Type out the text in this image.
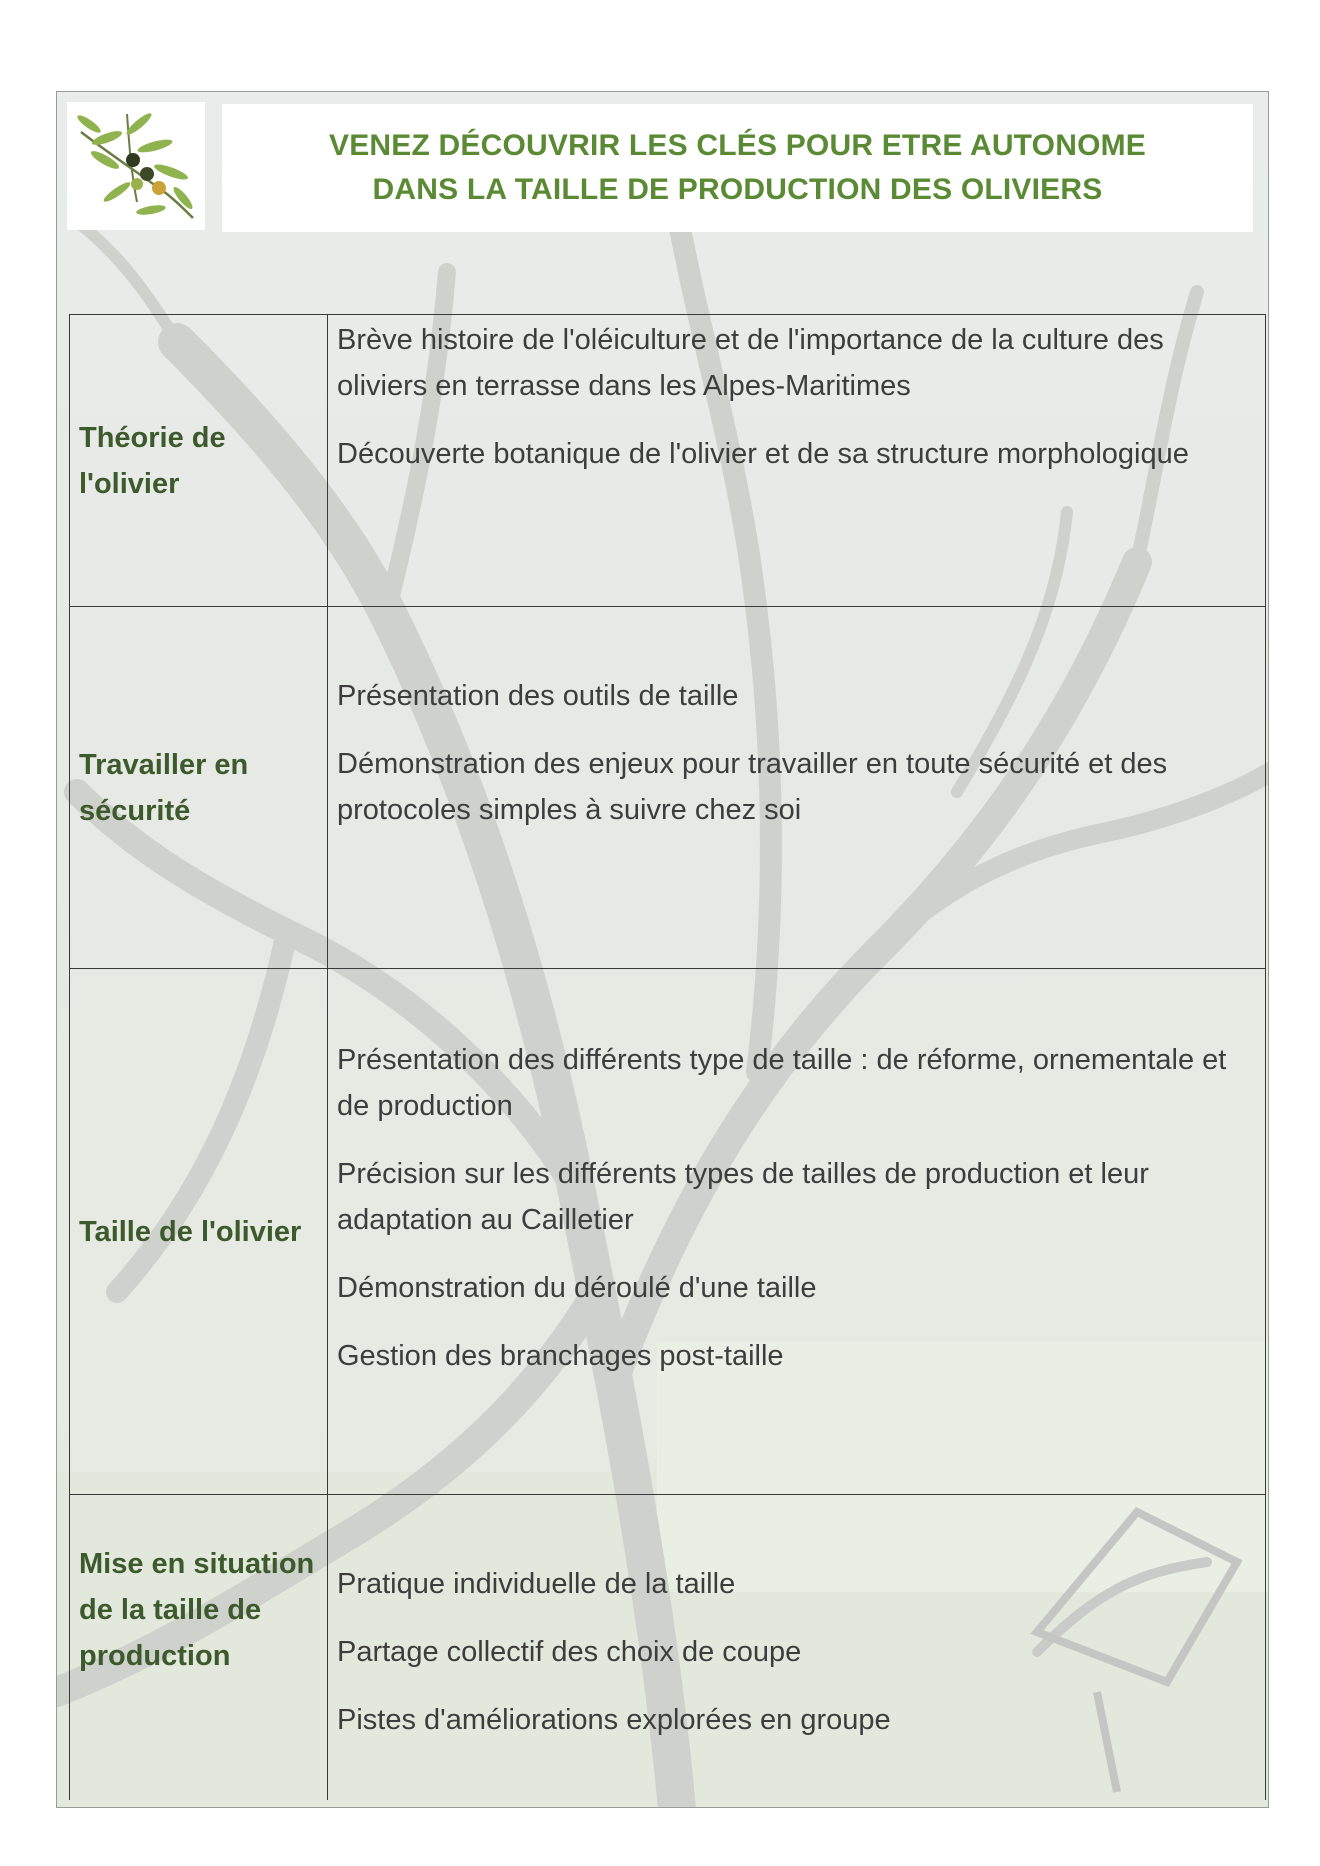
VENEZ DÉCOUVRIR LES CLÉS POUR ETRE AUTONOME
DANS LA TAILLE DE PRODUCTION DES OLIVIERS
Théorie de l'olivier	Brève histoire de l'oléiculture et de l'importance de la culture des oliviers en terrasse dans les Alpes-Maritimes

Découverte botanique de l'olivier et de sa structure morphologique

Travailler en sécurité	Présentation des outils de taille

Démonstration des enjeux pour travailler en toute sécurité et des protocoles simples à suivre chez soi

Taille de l'olivier	Présentation des différents type de taille : de réforme, ornementale et de production

Précision sur les différents types de tailles de production et leur adaptation au Cailletier

Démonstration du déroulé d'une taille

Gestion des branchages post-taille

Mise en situation de la taille de production	Pratique individuelle de la taille

Partage collectif des choix de coupe

Pistes d'améliorations explorées en groupe
